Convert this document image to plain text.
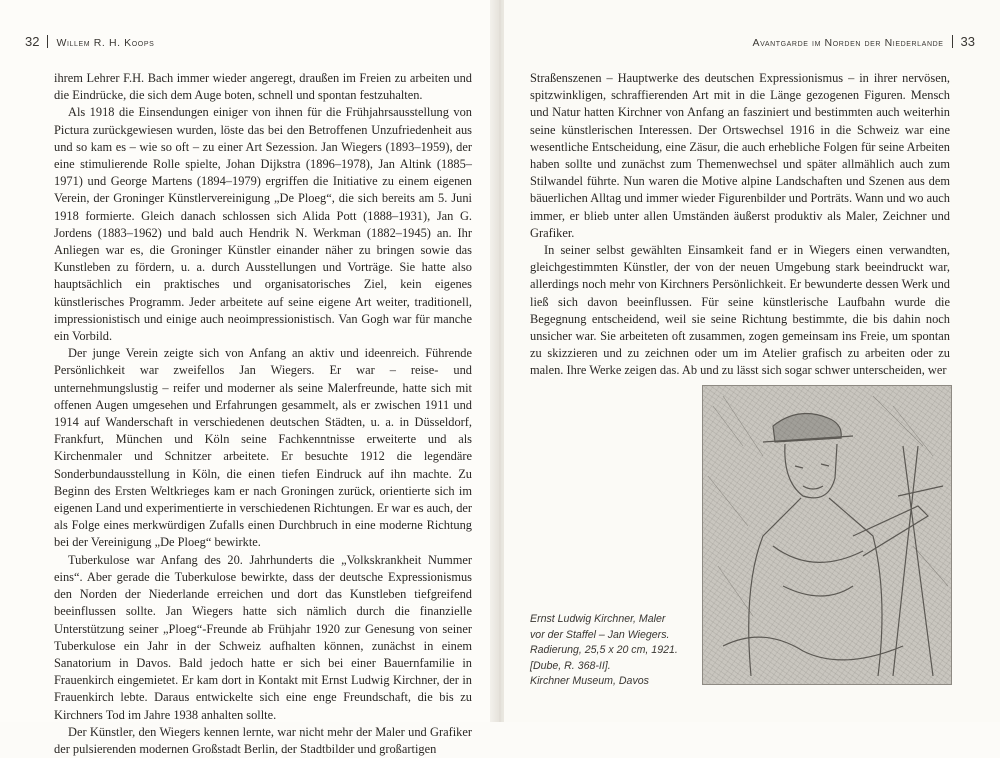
32 Willem R. H. Koops

ihrem Lehrer F.H. Bach immer wieder angeregt, draußen im Freien zu arbeiten und die Eindrücke, die sich dem Auge boten, schnell und spontan festzuhalten.

Als 1918 die Einsendungen einiger von ihnen für die Frühjahrsausstellung von Pictura zurückgewiesen wurden, löste das bei den Betroffenen Unzufriedenheit aus und so kam es – wie so oft – zu einer Art Sezession. Jan Wiegers (1893–1959), der eine stimulierende Rolle spielte, Johan Dijkstra (1896–1978), Jan Altink (1885–1971) und George Martens (1894–1979) ergriffen die Initiative zu einem eigenen Verein, der Groninger Künstlervereinigung „De Ploeg“, die sich bereits am 5. Juni 1918 formierte. Gleich danach schlossen sich Alida Pott (1888–1931), Jan G. Jordens (1883–1962) und bald auch Hendrik N. Werkman (1882–1945) an. Ihr Anliegen war es, die Groninger Künstler einander näher zu bringen sowie das Kunstleben zu fördern, u. a. durch Ausstellungen und Vorträge. Sie hatte also hauptsächlich ein praktisches und organisatorisches Ziel, kein eigenes künstlerisches Programm. Jeder arbeitete auf seine eigene Art weiter, traditionell, impressionistisch und einige auch neoimpressionistisch. Van Gogh war für manche ein Vorbild.

Der junge Verein zeigte sich von Anfang an aktiv und ideenreich. Führende Persönlichkeit war zweifellos Jan Wiegers. Er war – reise- und unternehmungslustig – reifer und moderner als seine Malerfreunde, hatte sich mit offenen Augen umgesehen und Erfahrungen gesammelt, als er zwischen 1911 und 1914 auf Wanderschaft in verschiedenen deutschen Städten, u. a. in Düsseldorf, Frankfurt, München und Köln seine Fachkenntnisse erweiterte und als Kirchenmaler und Schnitzer arbeitete. Er besuchte 1912 die legendäre Sonderbundausstellung in Köln, die einen tiefen Eindruck auf ihn machte. Zu Beginn des Ersten Weltkrieges kam er nach Groningen zurück, orientierte sich im eigenen Land und experimentierte in verschiedenen Richtungen. Er war es auch, der als Folge eines merkwürdigen Zufalls einen Durchbruch in eine moderne Richtung bei der Vereinigung „De Ploeg“ bewirkte.

Tuberkulose war Anfang des 20. Jahrhunderts die „Volkskrankheit Nummer eins“. Aber gerade die Tuberkulose bewirkte, dass der deutsche Expressionismus den Norden der Niederlande erreichen und dort das Kunstleben tiefgreifend beeinflussen sollte. Jan Wiegers hatte sich nämlich durch die finanzielle Unterstützung seiner „Ploeg“-Freunde ab Frühjahr 1920 zur Genesung von seiner Tuberkulose ein Jahr in der Schweiz aufhalten können, zunächst in einem Sanatorium in Davos. Bald jedoch hatte er sich bei einer Bauernfamilie in Frauenkirch eingemietet. Er kam dort in Kontakt mit Ernst Ludwig Kirchner, der in Frauenkirch lebte. Daraus entwickelte sich eine enge Freundschaft, die bis zu Kirchners Tod im Jahre 1938 anhalten sollte.

Der Künstler, den Wiegers kennen lernte, war nicht mehr der Maler und Grafiker der pulsierenden modernen Großstadt Berlin, der Stadtbilder und großartigen

Avantgarde im Norden der Niederlande 33

Straßenszenen – Hauptwerke des deutschen Expressionismus – in ihrer nervösen, spitzwinkligen, schraffierenden Art mit in die Länge gezogenen Figuren. Mensch und Natur hatten Kirchner von Anfang an fasziniert und bestimmten auch weiterhin seine künstlerischen Interessen. Der Ortswechsel 1916 in die Schweiz war eine wesentliche Entscheidung, eine Zäsur, die auch erhebliche Folgen für seine Arbeiten haben sollte und zunächst zum Themenwechsel und später allmählich auch zum Stilwandel führte. Nun waren die Motive alpine Landschaften und Szenen aus dem bäuerlichen Alltag und immer wieder Figurenbilder und Porträts. Wann und wo auch immer, er blieb unter allen Umständen äußerst produktiv als Maler, Zeichner und Grafiker.

In seiner selbst gewählten Einsamkeit fand er in Wiegers einen verwandten, gleichgestimmten Künstler, der von der neuen Umgebung stark beeindruckt war, allerdings noch mehr von Kirchners Persönlichkeit. Er bewunderte dessen Werk und ließ sich davon beeinflussen. Für seine künstlerische Laufbahn wurde die Begegnung entscheidend, weil sie seine Richtung bestimmte, die bis dahin noch unsicher war. Sie arbeiteten oft zusammen, zogen gemeinsam ins Freie, um spontan zu skizzieren und zu zeichnen oder um im Atelier grafisch zu arbeiten oder zu malen. Ihre Werke zeigen das. Ab und zu lässt sich sogar schwer unterscheiden, wer

Ernst Ludwig Kirchner, Maler
vor der Staffel – Jan Wiegers.
Radierung, 25,5 x 20 cm, 1921.
[Dube, R. 368-II].
Kirchner Museum, Davos
